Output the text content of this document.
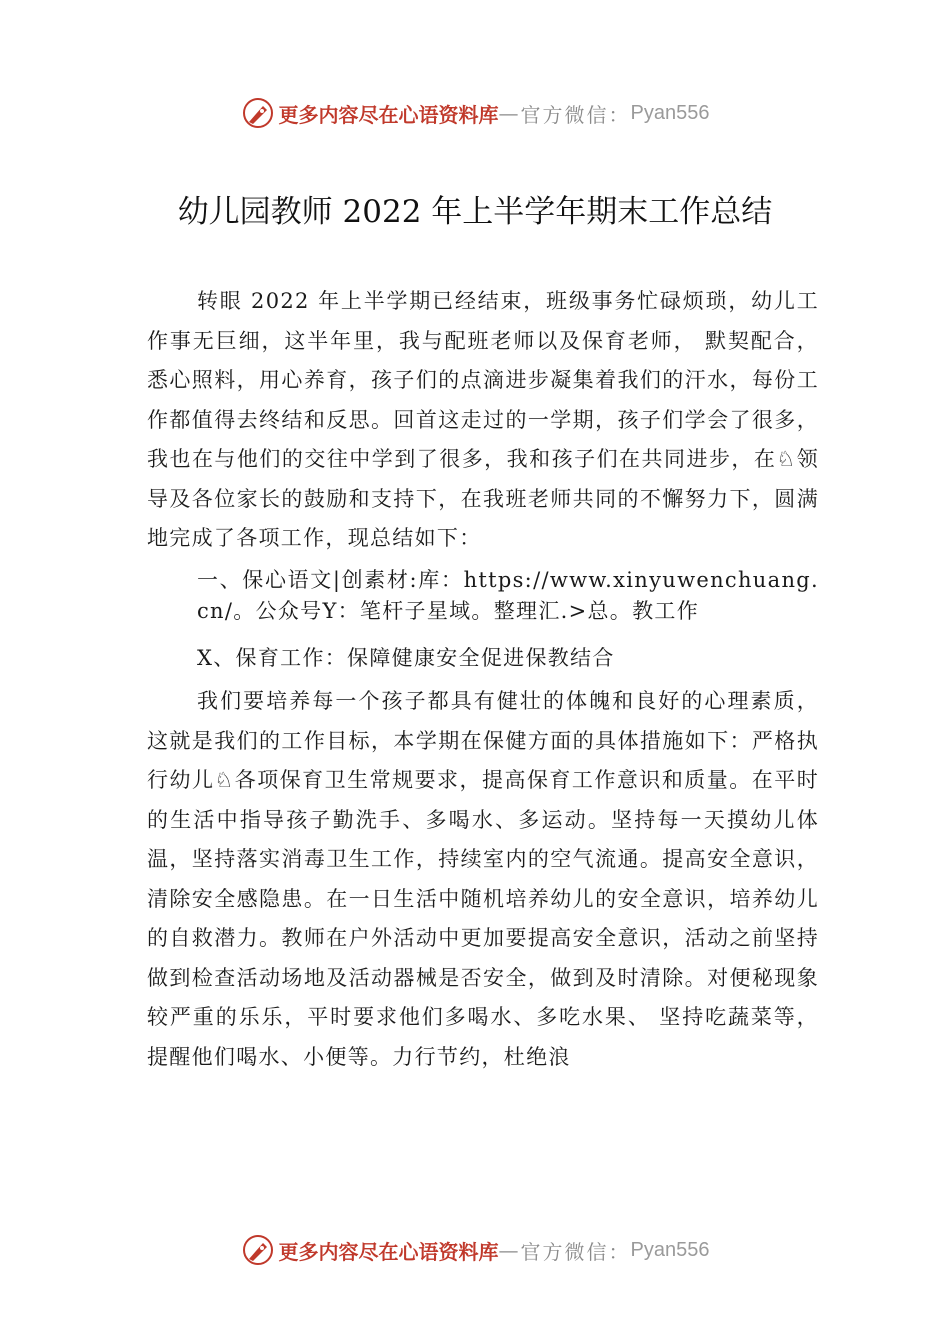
更多内容尽在心语资料库 — 官方微信： Pyan556
幼儿园教师 2022 年上半学年期末工作总结

转眼 2022 年上半学期已经结束，班级事务忙碌烦琐，幼儿工作事无巨细，这半年里，我与配班老师以及保育老师， 默契配合，悉心照料，用心养育，孩子们的点滴进步凝集着我们的汗水，每份工作都值得去终结和反思。回首这走过的一学期，孩子们学会了很多，我也在与他们的交往中学到了很多，我和孩子们在共同进步，在♘领导及各位家长的鼓励和支持下，在我班老师共同的不懈努力下，圆满地完成了各项工作，现总结如下：

一、保心语文|创素材:库：https://www.xinyuwenchuang.cn/。公众号Y：笔杆子星域。整理汇.>总。教工作

X、保育工作：保障健康安全促进保教结合

我们要培养每一个孩子都具有健壮的体魄和良好的心理素质，这就是我们的工作目标，本学期在保健方面的具体措施如下：严格执行幼儿♘各项保育卫生常规要求，提高保育工作意识和质量。在平时的生活中指导孩子勤洗手、多喝水、多运动。坚持每一天摸幼儿体温，坚持落实消毒卫生工作，持续室内的空气流通。提高安全意识，清除安全感隐患。在一日生活中随机培养幼儿的安全意识，培养幼儿的自救潜力。教师在户外活动中更加要提高安全意识，活动之前坚持做到检查活动场地及活动器械是否安全，做到及时清除。对便秘现象较严重的乐乐，平时要求他们多喝水、多吃水果、 坚持吃蔬菜等，提醒他们喝水、小便等。力行节约，杜绝浪

更多内容尽在心语资料库 — 官方微信： Pyan556
